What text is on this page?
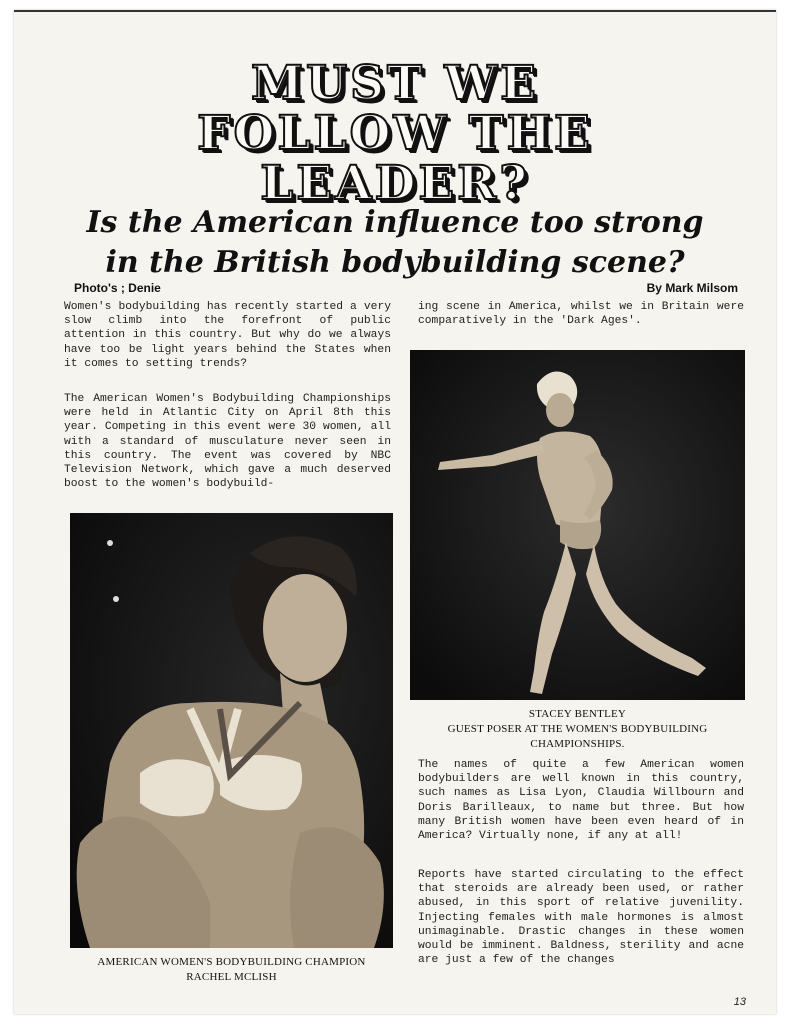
MUST WE
FOLLOW THE
LEADER?
Is the American influence too strong
in the British bodybuilding scene?
Photo's ; Denie	By Mark Milsom

Women's bodybuilding has recently started a very slow climb into the forefront of public attention in this country. But why do we always have too be light years behind the States when it comes to setting trends?

The American Women's Bodybuilding Championships were held in Atlantic City on April 8th this year. Competing in this event were 30 women, all with a standard of musculature never seen in this country. The event was covered by NBC Television Network, which gave a much deserved boost to the women's bodybuild-

ing scene in America, whilst we in Britain were comparatively in the 'Dark Ages'.

STACEY BENTLEY
GUEST POSER AT THE WOMEN'S BODYBUILDING
CHAMPIONSHIPS.

The names of quite a few American women bodybuilders are well known in this country, such names as Lisa Lyon, Claudia Willbourn and Doris Barilleaux, to name but three. But how many British women have been even heard of in America? Virtually none, if any at all!

Reports have started circulating to the effect that steroids are already been used, or rather abused, in this sport of relative juvenility. Injecting females with male hormones is almost unimaginable. Drastic changes in these women would be imminent. Baldness, sterility and acne are just a few of the changes

AMERICAN WOMEN'S BODYBUILDING CHAMPION
RACHEL MCLISH
13
